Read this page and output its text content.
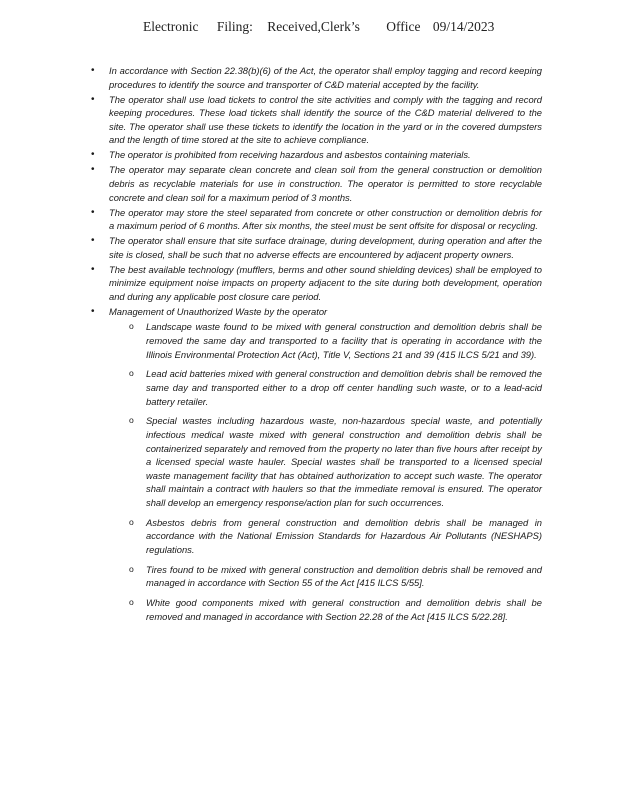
Electronic Filing: Received,Clerk’s Office 09/14/2023
• In accordance with Section 22.38(b)(6) of the Act, the operator shall employ tagging and record keeping procedures to identify the source and transporter of C&D material accepted by the facility.
• The operator shall use load tickets to control the site activities and comply with the tagging and record keeping procedures. These load tickets shall identify the source of the C&D material delivered to the site. The operator shall use these tickets to identify the location in the yard or in the covered dumpsters and the length of time stored at the site to achieve compliance.
• The operator is prohibited from receiving hazardous and asbestos containing materials.
• The operator may separate clean concrete and clean soil from the general construction or demolition debris as recyclable materials for use in construction. The operator is permitted to store recyclable concrete and clean soil for a maximum period of 3 months.
• The operator may store the steel separated from concrete or other construction or demolition debris for a maximum period of 6 months. After six months, the steel must be sent offsite for disposal or recycling.
• The operator shall ensure that site surface drainage, during development, during operation and after the site is closed, shall be such that no adverse effects are encountered by adjacent property owners.
• The best available technology (mufflers, berms and other sound shielding devices) shall be employed to minimize equipment noise impacts on property adjacent to the site during both development, operation and during any applicable post closure care period.
• Management of Unauthorized Waste by the operator
o Landscape waste found to be mixed with general construction and demolition debris shall be removed the same day and transported to a facility that is operating in accordance with the Illinois Environmental Protection Act (Act), Title V, Sections 21 and 39 (415 ILCS 5/21 and 39).
o Lead acid batteries mixed with general construction and demolition debris shall be removed the same day and transported either to a drop off center handling such waste, or to a lead-acid battery retailer.
o Special wastes including hazardous waste, non-hazardous special waste, and potentially infectious medical waste mixed with general construction and demolition debris shall be containerized separately and removed from the property no later than five hours after receipt by a licensed special waste hauler. Special wastes shall be transported to a licensed special waste management facility that has obtained authorization to accept such waste. The operator shall maintain a contract with haulers so that the immediate removal is ensured. The operator shall develop an emergency response/action plan for such occurrences.
o Asbestos debris from general construction and demolition debris shall be managed in accordance with the National Emission Standards for Hazardous Air Pollutants (NESHAPS) regulations.
o Tires found to be mixed with general construction and demolition debris shall be removed and managed in accordance with Section 55 of the Act [415 ILCS 5/55].
o White good components mixed with general construction and demolition debris shall be removed and managed in accordance with Section 22.28 of the Act [415 ILCS 5/22.28].
